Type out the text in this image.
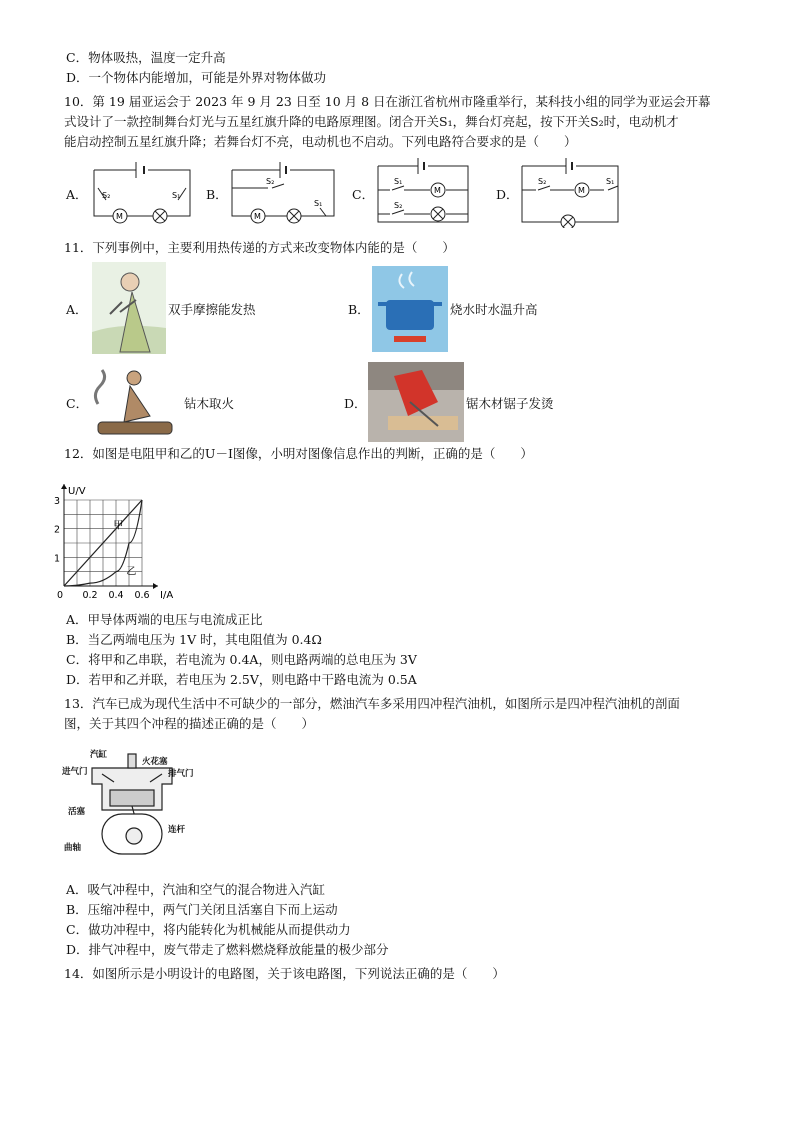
C．物体吸热，温度一定升高
D．一个物体内能增加，可能是外界对物体做功
10．第 19 届亚运会于 2023 年 9 月 23 日至 10 月 8 日在浙江省杭州市隆重举行，某科技小组的同学为亚运会开幕
式设计了一款控制舞台灯光与五星红旗升降的电路原理图。闭合开关S₁，舞台灯亮起，按下开关S₂时，电动机才
能启动控制五星红旗升降；若舞台灯不亮，电动机也不启动。下列电路符合要求的是（　　）
A．	B．	C．	D．
S₂	S₁
M
S₂
S₁
M
S₁
S₂
M
S₂	S₁
M
11．下列事例中，主要利用热传递的方式来改变物体内能的是（　　）
A．	双手摩擦能发热	B．	烧水时水温升高
C．	钻木取火	D．	锯木材锯子发烫
12．如图是电阻甲和乙的U－I图像，小明对图像信息作出的判断，正确的是（　　）
甲
乙
0 0.2 0.4 0.6
1
2
3
U/V
I/A
A．甲导体两端的电压与电流成正比
B．当乙两端电压为 1V 时，其电阻值为 0.4Ω
C．将甲和乙串联，若电流为 0.4A，则电路两端的总电压为 3V
D．若甲和乙并联，若电压为 2.5V，则电路中干路电流为 0.5A
13．汽车已成为现代生活中不可缺少的一部分，燃油汽车多采用四冲程汽油机，如图所示是四冲程汽油机的剖面
图，关于其四个冲程的描述正确的是（　　）
汽缸
火花塞
进气门	排气门
活塞
连杆
曲轴
A．吸气冲程中，汽油和空气的混合物进入汽缸
B．压缩冲程中，两气门关闭且活塞自下而上运动
C．做功冲程中，将内能转化为机械能从而提供动力
D．排气冲程中，废气带走了燃料燃烧释放能量的极少部分
14．如图所示是小明设计的电路图，关于该电路图，下列说法正确的是（　　）
